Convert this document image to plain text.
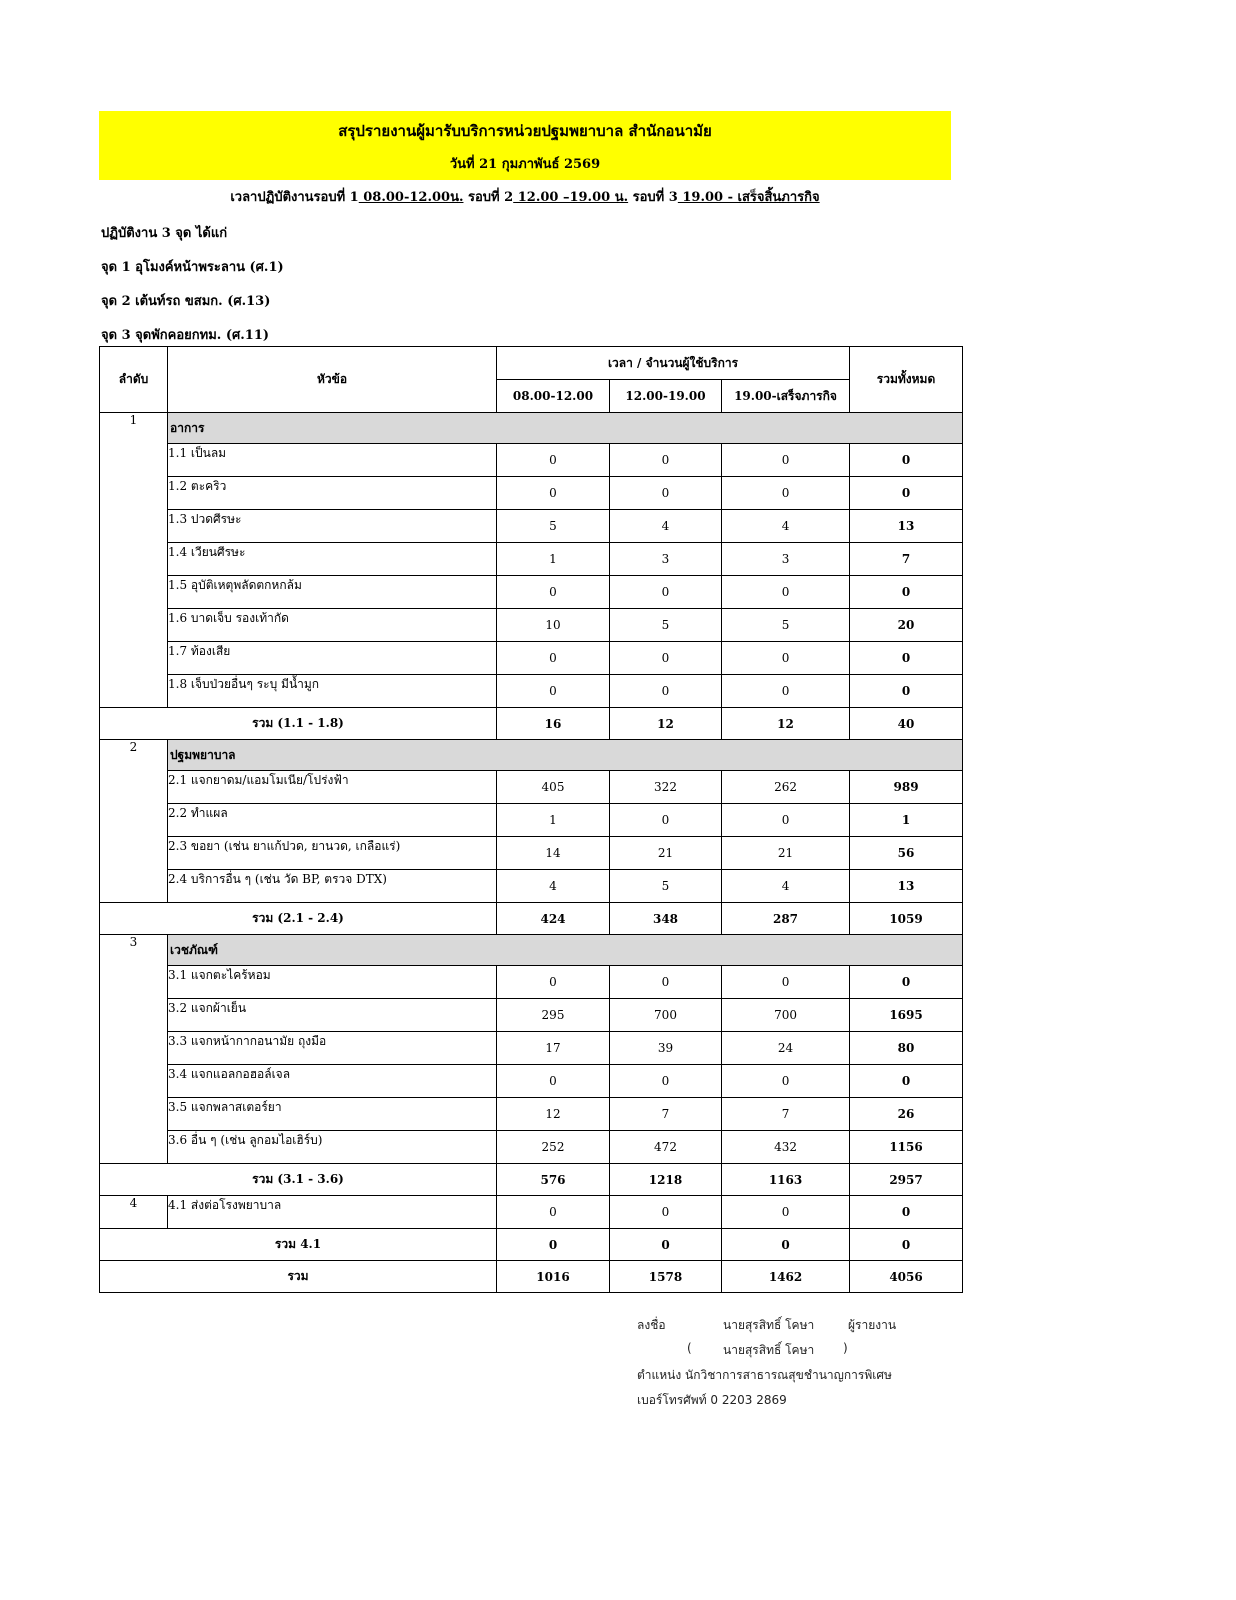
สรุปรายงานผู้มารับบริการหน่วยปฐมพยาบาล สำนักอนามัย
วันที่ 21 กุมภาพันธ์ 2569
เวลาปฏิบัติงานรอบที่ 1 08.00-12.00น. รอบที่ 2 12.00 –19.00 น. รอบที่ 3 19.00 - เสร็จสิ้นภารกิจ
ปฏิบัติงาน 3 จุด ได้แก่
จุด 1 อุโมงค์หน้าพระลาน (ศ.1)
จุด 2 เต้นท์รถ ขสมก. (ศ.13)
จุด 3 จุดพักคอยกทม. (ศ.11)
ลำดับ	หัวข้อ	เวลา / จำนวนผู้ใช้บริการ			รวมทั้งหมด
		08.00-12.00	12.00-19.00	19.00-เสร็จภารกิจ	
1	อาการ				
	1.1 เป็นลม	0	0	0	0
	1.2 ตะคริว	0	0	0	0
	1.3 ปวดศีรษะ	5	4	4	13
	1.4 เวียนศีรษะ	1	3	3	7
	1.5 อุบัติเหตุพลัดตกหกล้ม	0	0	0	0
	1.6 บาดเจ็บ รองเท้ากัด	10	5	5	20
	1.7 ท้องเสีย	0	0	0	0
	1.8 เจ็บป่วยอื่นๆ ระบุ มีน้ำมูก	0	0	0	0
รวม (1.1 - 1.8)		16	12	12	40
2	ปฐมพยาบาล				
	2.1 แจกยาดม/แอมโมเนีย/โปร่งฟ้า	405	322	262	989
	2.2 ทำแผล	1	0	0	1
	2.3 ขอยา (เช่น ยาแก้ปวด, ยานวด, เกลือแร่)	14	21	21	56
	2.4 บริการอื่น ๆ (เช่น วัด BP, ตรวจ DTX)	4	5	4	13
รวม (2.1 - 2.4)		424	348	287	1059
3	เวชภัณฑ์				
	3.1 แจกตะไคร้หอม	0	0	0	0
	3.2 แจกผ้าเย็น	295	700	700	1695
	3.3 แจกหน้ากากอนามัย ถุงมือ	17	39	24	80
	3.4 แจกแอลกอฮอล์เจล	0	0	0	0
	3.5 แจกพลาสเตอร์ยา	12	7	7	26
	3.6 อื่น ๆ (เช่น ลูกอมไอเฮิร์บ)	252	472	432	1156
รวม (3.1 - 3.6)		576	1218	1163	2957
4	4.1 ส่งต่อโรงพยาบาล	0	0	0	0
รวม 4.1		0	0	0	0
รวม		1016	1578	1462	4056
ลงชื่อ	นายสุรสิทธิ์ โคษา	ผู้รายงาน
(	นายสุรสิทธิ์ โคษา )
ตำแหน่ง นักวิชาการสาธารณสุขชำนาญการพิเศษ
เบอร์โทรศัพท์ 0 2203 2869
